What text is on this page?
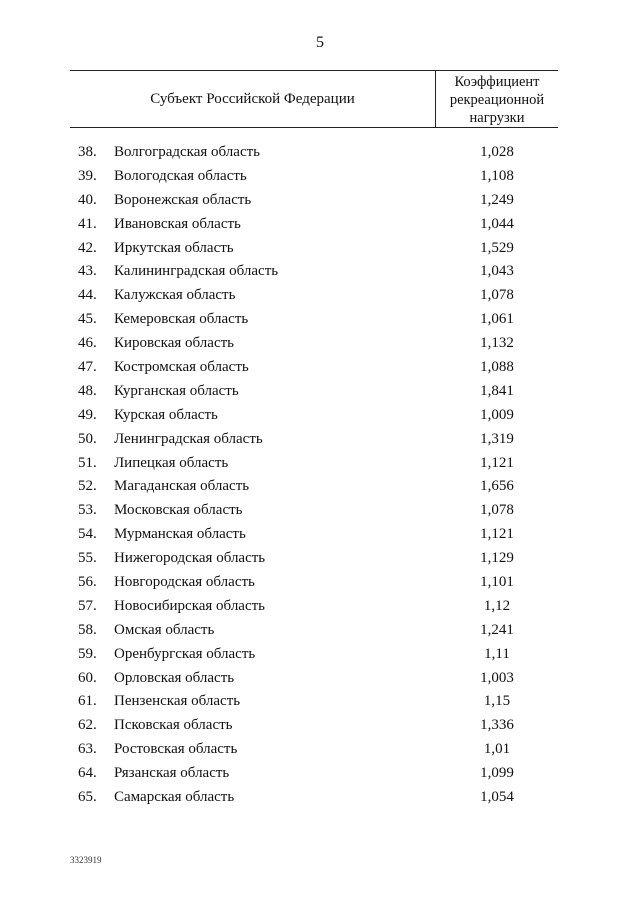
5
Субъект Российской Федерации
Коэффициент
рекреационной
нагрузки
38.	Волгоградская область	1,028
39.	Вологодская область	1,108
40.	Воронежская область	1,249
41.	Ивановская область	1,044
42.	Иркутская область	1,529
43.	Калининградская область	1,043
44.	Калужская область	1,078
45.	Кемеровская область	1,061
46.	Кировская область	1,132
47.	Костромская область	1,088
48.	Курганская область	1,841
49.	Курская область	1,009
50.	Ленинградская область	1,319
51.	Липецкая область	1,121
52.	Магаданская область	1,656
53.	Московская область	1,078
54.	Мурманская область	1,121
55.	Нижегородская область	1,129
56.	Новгородская область	1,101
57.	Новосибирская область	1,12
58.	Омская область	1,241
59.	Оренбургская область	1,11
60.	Орловская область	1,003
61.	Пензенская область	1,15
62.	Псковская область	1,336
63.	Ростовская область	1,01
64.	Рязанская область	1,099
65.	Самарская область	1,054
3323919
